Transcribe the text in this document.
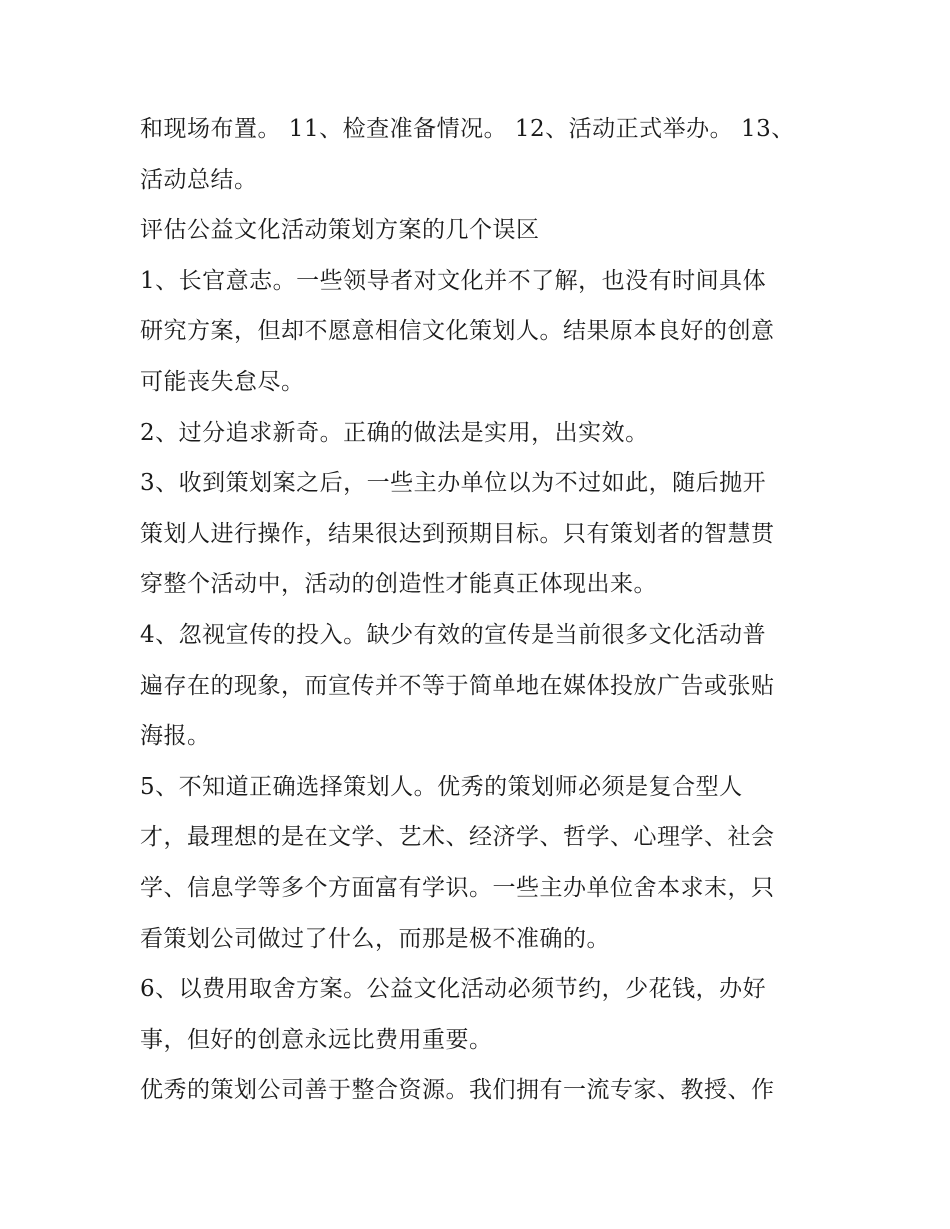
和现场布置。 11、检查准备情况。 12、活动正式举办。 13、

活动总结。

评估公益文化活动策划方案的几个误区

1、长官意志。一些领导者对文化并不了解，也没有时间具体

研究方案，但却不愿意相信文化策划人。结果原本良好的创意

可能丧失怠尽。

2、过分追求新奇。正确的做法是实用，出实效。

3、收到策划案之后，一些主办单位以为不过如此，随后抛开

策划人进行操作，结果很达到预期目标。只有策划者的智慧贯

穿整个活动中，活动的创造性才能真正体现出来。

4、忽视宣传的投入。缺少有效的宣传是当前很多文化活动普

遍存在的现象，而宣传并不等于简单地在媒体投放广告或张贴

海报。

5、不知道正确选择策划人。优秀的策划师必须是复合型人

才，最理想的是在文学、艺术、经济学、哲学、心理学、社会

学、信息学等多个方面富有学识。一些主办单位舍本求末，只

看策划公司做过了什么，而那是极不准确的。

6、以费用取舍方案。公益文化活动必须节约，少花钱，办好

事，但好的创意永远比费用重要。

优秀的策划公司善于整合资源。我们拥有一流专家、教授、作
